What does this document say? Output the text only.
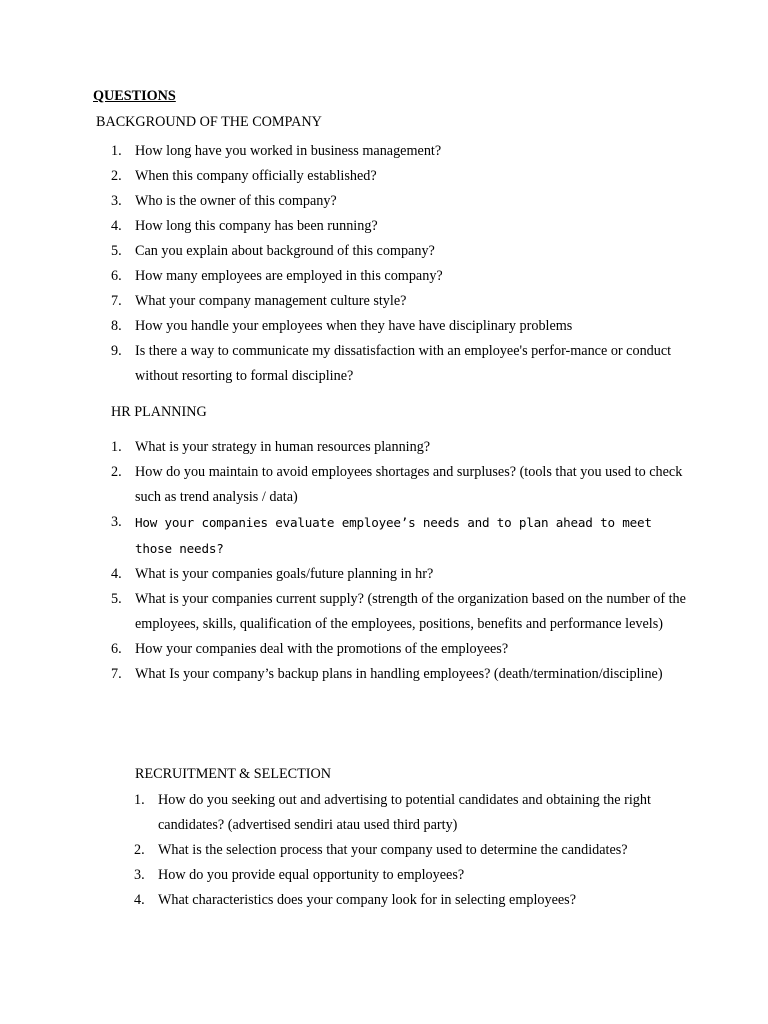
QUESTIONS
BACKGROUND OF THE COMPANY
1. How long have you worked in business management?
2. When this company officially established?
3. Who is the owner of this company?
4. How long this company has been running?
5. Can you explain about background of this company?
6. How many employees are employed in this company?
7. What your company management culture style?
8. How you handle your employees when they have have disciplinary problems
9. Is there a way to communicate my dissatisfaction with an employee's perfor-mance or conduct without resorting to formal discipline?
HR PLANNING
1. What is your strategy in human resources planning?
2. How do you maintain to avoid employees shortages and surpluses? (tools that you used to check such as trend analysis / data)
3. How your companies evaluate employee’s needs and to plan ahead to meet those needs?
4. What is your companies goals/future planning in hr?
5. What is your companies current supply? (strength of the organization based on the number of the employees, skills, qualification of the employees, positions, benefits and performance levels)
6. How your companies deal with the promotions of the employees?
7. What Is your company’s backup plans in handling employees? (death/termination/discipline)
RECRUITMENT & SELECTION
1. How do you seeking out and advertising to potential candidates and obtaining the right candidates? (advertised sendiri atau used third party)
2. What is the selection process that your company used to determine the candidates?
3. How do you provide equal opportunity to employees?
4. What characteristics does your company look for in selecting employees?
